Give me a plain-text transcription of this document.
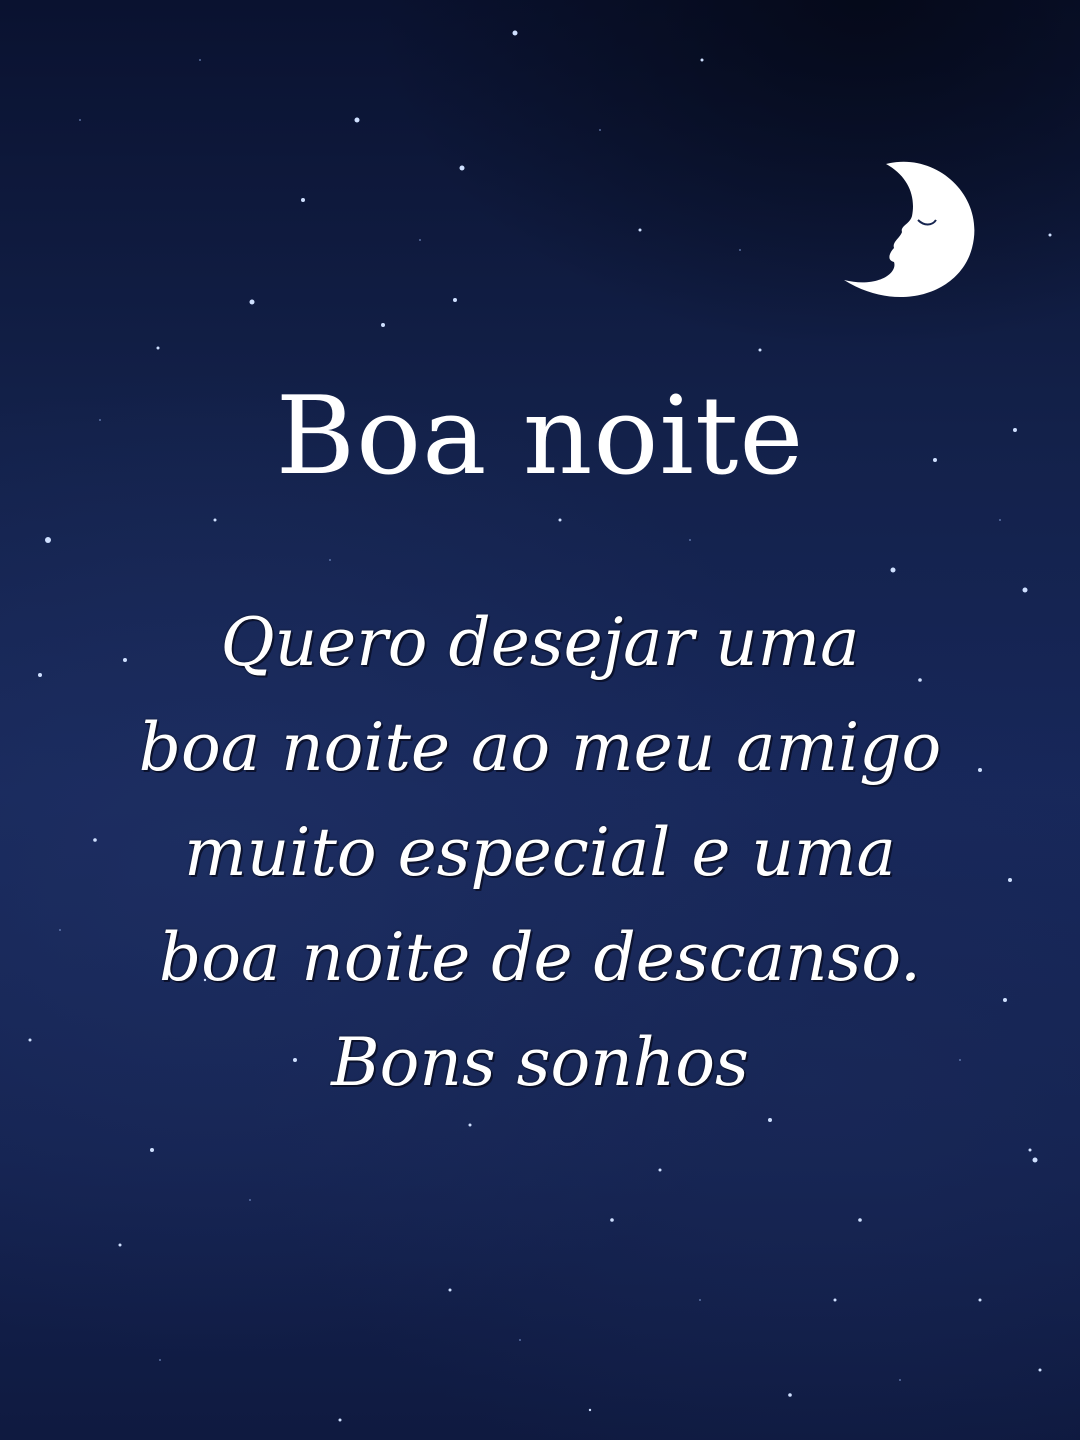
Boa noite
Quero desejar uma
boa noite ao meu amigo
muito especial e uma
boa noite de descanso.
Bons sonhos
